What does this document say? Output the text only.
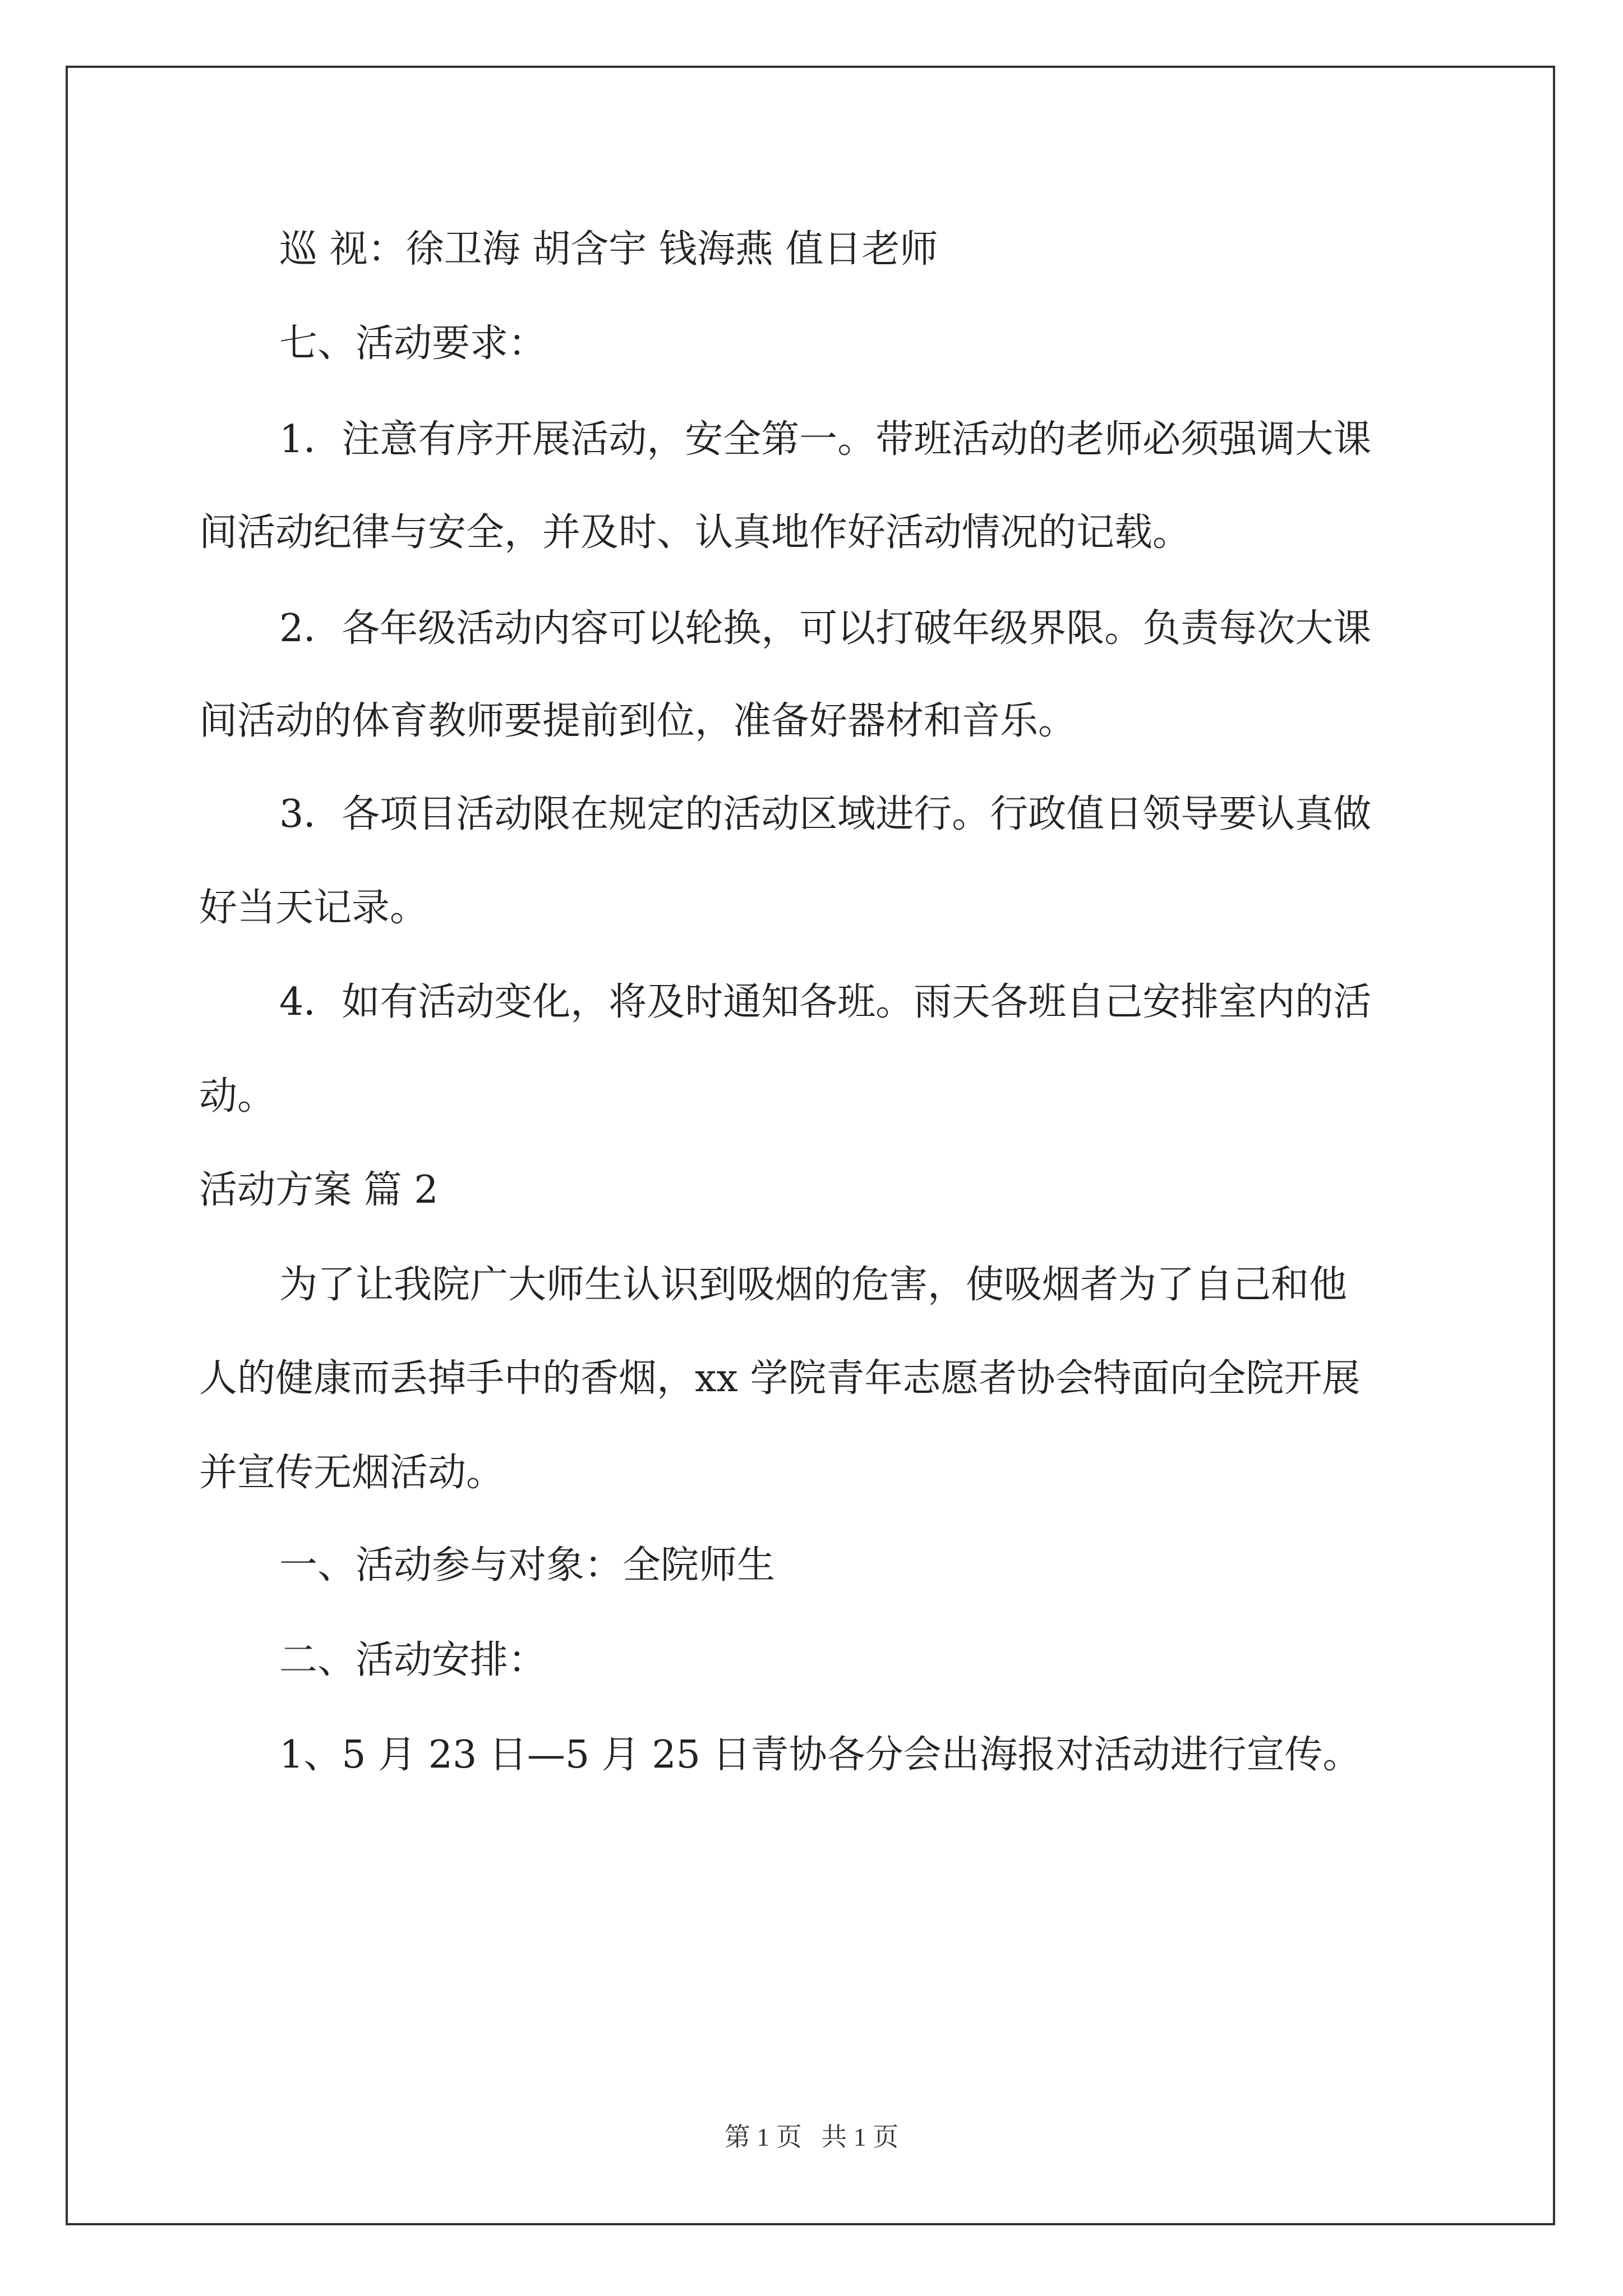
巡 视：徐卫海 胡含宇 钱海燕 值日老师

七、活动要求：

1．注意有序开展活动，安全第一。带班活动的老师必须强调大课

间活动纪律与安全，并及时、认真地作好活动情况的记载。

2．各年级活动内容可以轮换，可以打破年级界限。负责每次大课

间活动的体育教师要提前到位，准备好器材和音乐。

3．各项目活动限在规定的活动区域进行。行政值日领导要认真做

好当天记录。

4．如有活动变化，将及时通知各班。雨天各班自己安排室内的活

动。

活动方案 篇 2

为了让我院广大师生认识到吸烟的危害，使吸烟者为了自己和他

人的健康而丢掉手中的香烟，xx 学院青年志愿者协会特面向全院开展

并宣传无烟活动。

一、活动参与对象：全院师生

二、活动安排：

1、5 月 23 日—5 月 25 日青协各分会出海报对活动进行宣传。

第 1 页   共 1 页
